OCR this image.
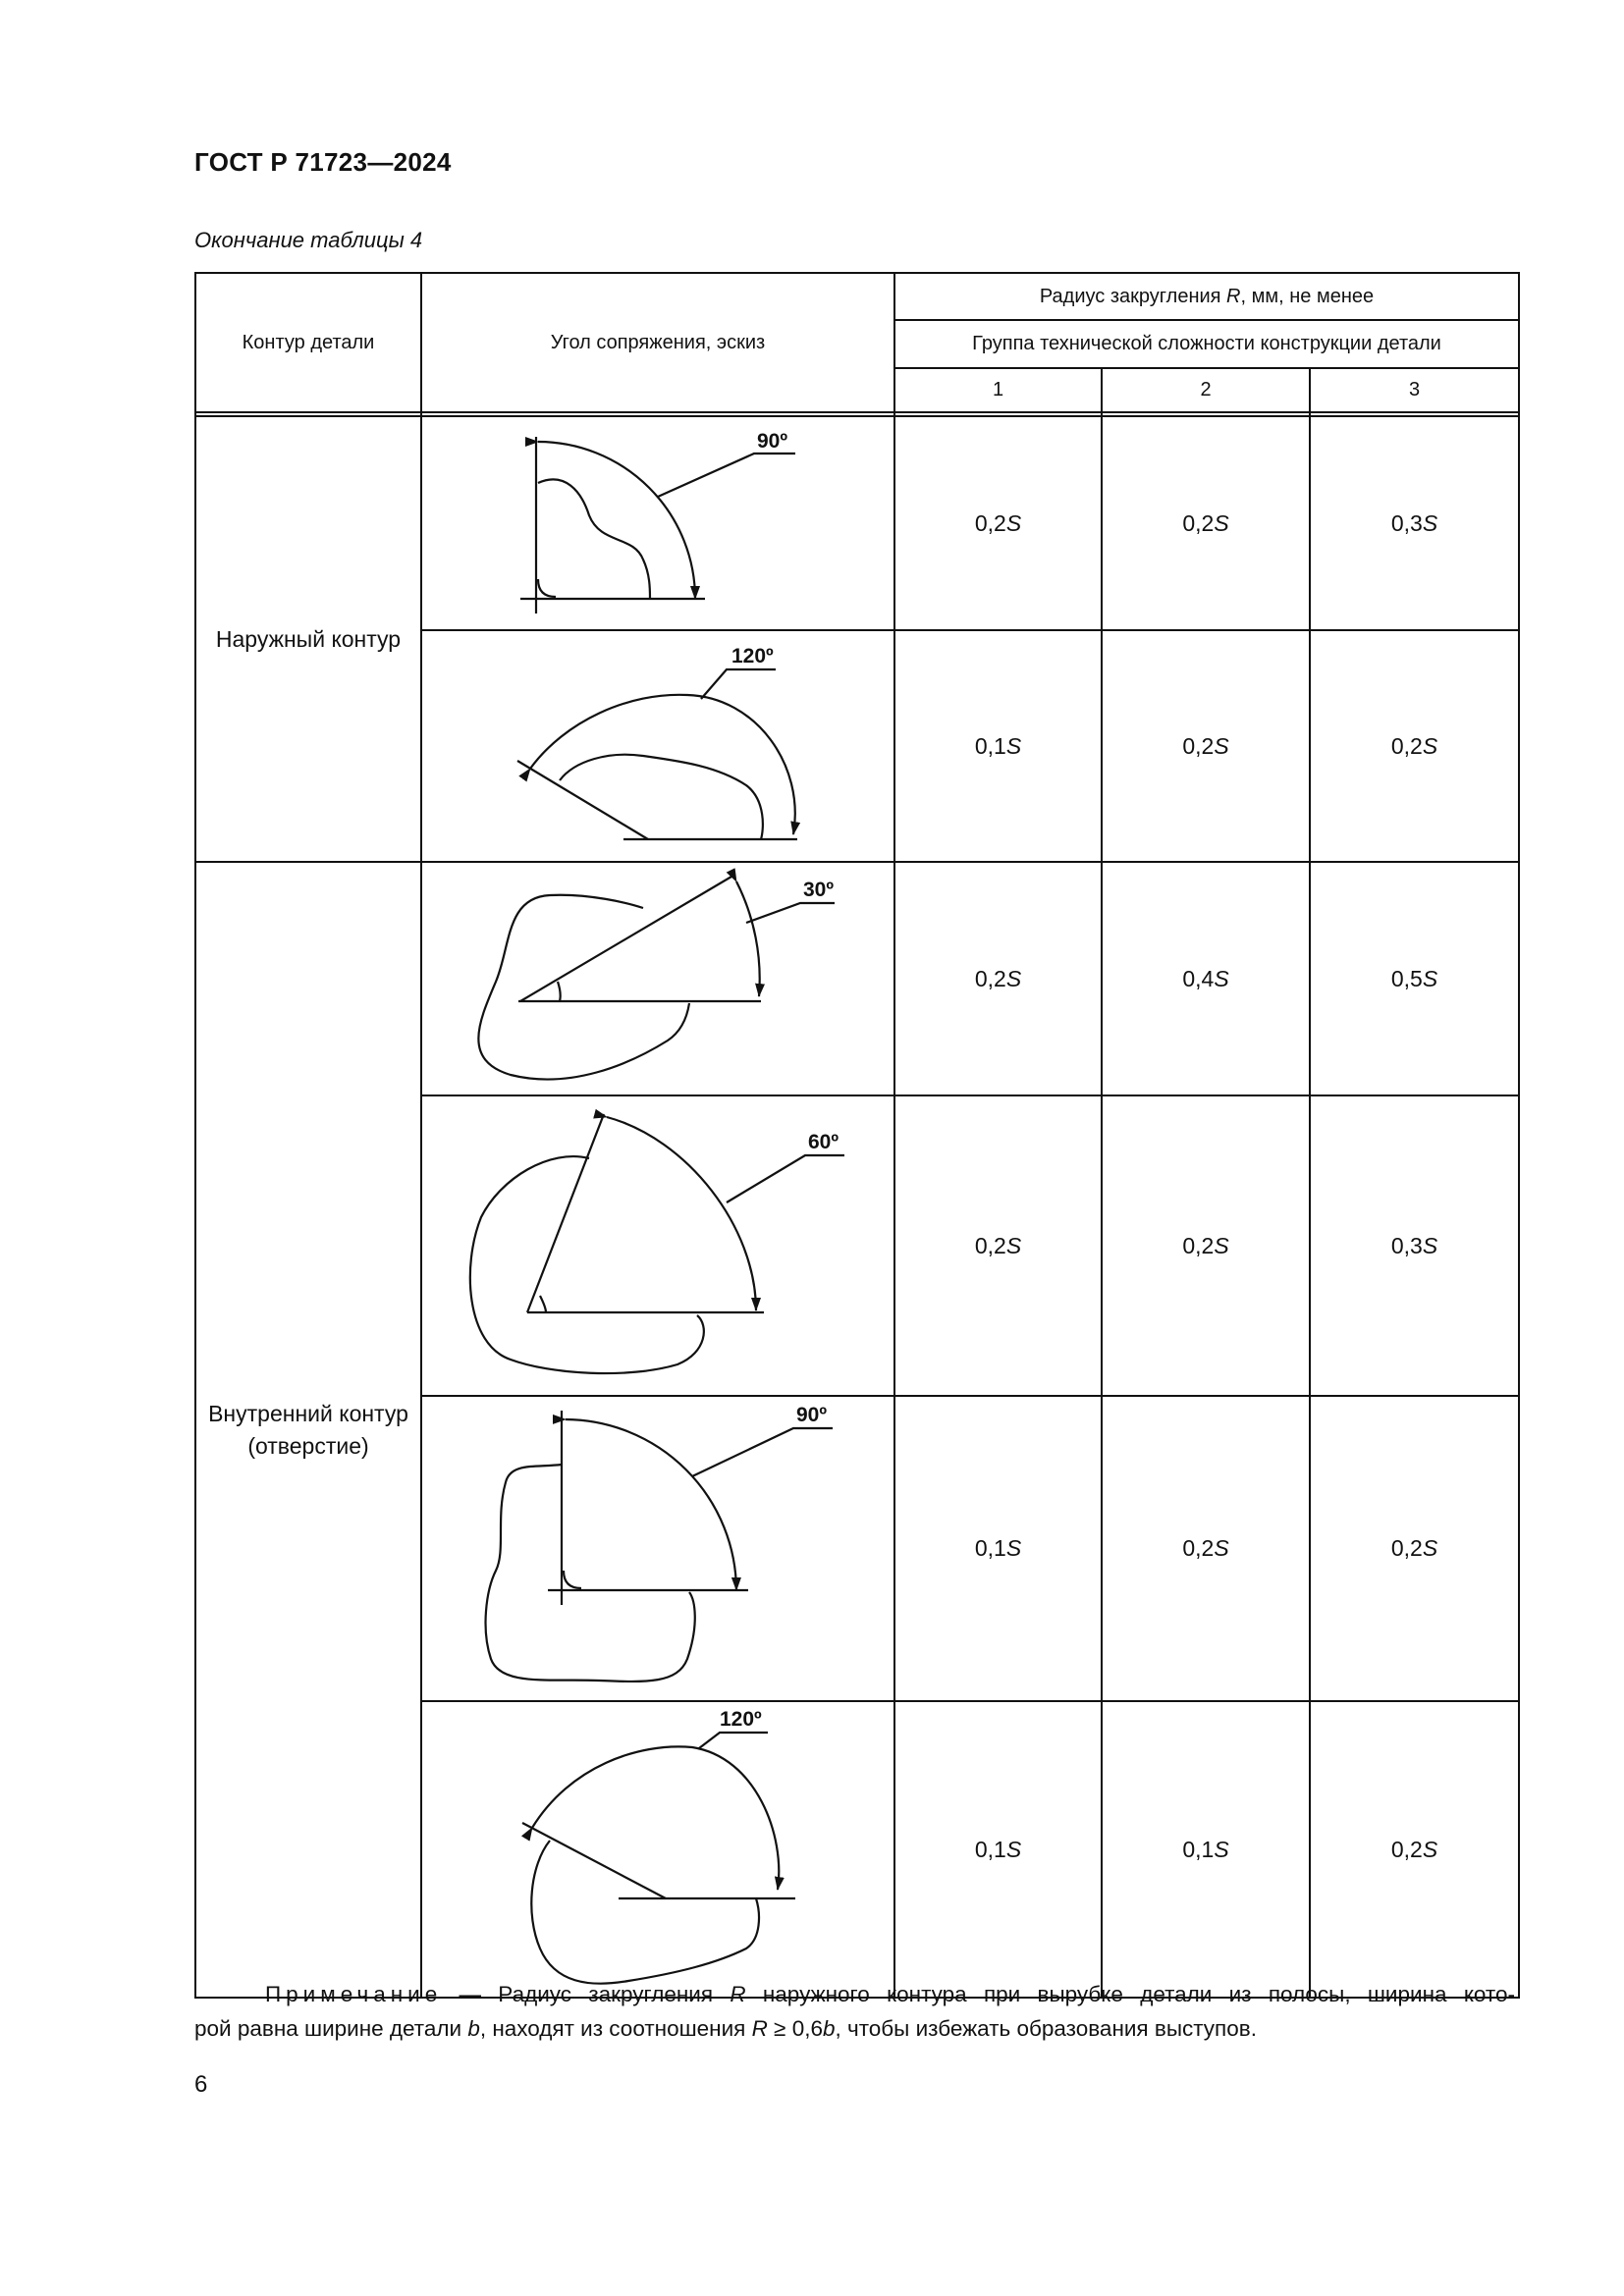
ГОСТ Р 71723—2024
Окончание таблицы 4
Контур детали	Угол сопряжения, эскиз
Радиус закругления R , мм, не менее
Группа технической сложности конструкции детали
1	2	3
Наружный контур
Внутренний контур (отверстие)
0,2 S	0,2 S	0,3 S
0,1 S	0,2 S	0,2 S
0,2 S	0,4 S	0,5 S
0,2 S	0,2 S	0,3 S
0,1 S	0,2 S	0,2 S
0,1 S	0,1 S	0,2 S
90º
120º
30º
60º
90º
120º
Примечание — Радиус закругления R наружного контура при вырубке детали из полосы, ширина кото-
рой равна ширине детали b, находят из соотношения R ≥ 0,6b, чтобы избежать образования выступов.
6
